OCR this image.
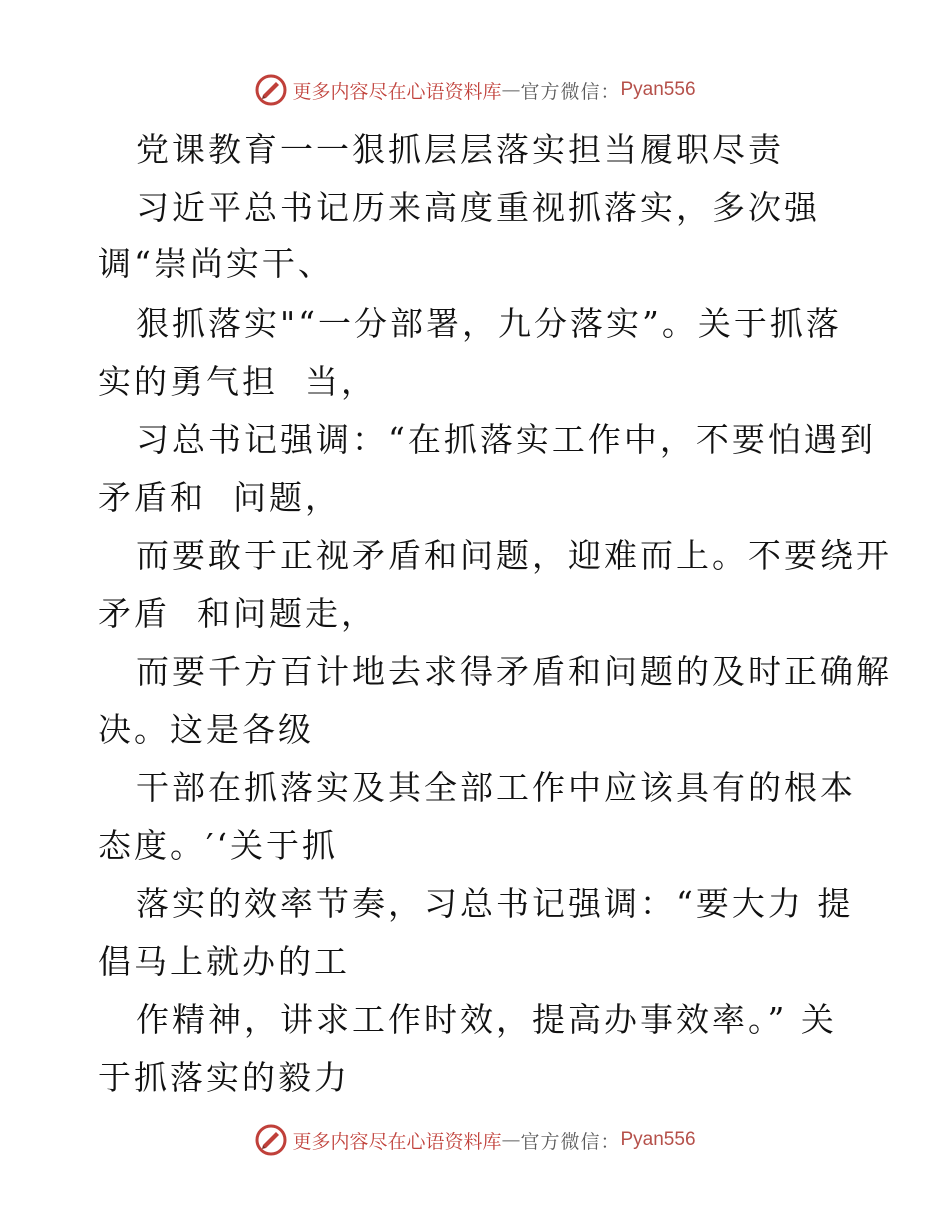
更多内容尽在心语资料库 — 官方微信： Pyan556
党课教育一一狠抓层层落实担当履职尽责
习近平总书记历来高度重视抓落实，多次强
调“崇尚实干、
狠抓落实"“一分部署，九分落实”。关于抓落
实的勇气担  当，
习总书记强调：“在抓落实工作中，不要怕遇到
矛盾和  问题，
而要敢于正视矛盾和问题，迎难而上。不要绕开
矛盾  和问题走，
而要千方百计地去求得矛盾和问题的及时正确解
决。这是各级
干部在抓落实及其全部工作中应该具有的根本
态度。′‘关于抓
落实的效率节奏，习总书记强调：“要大力 提
倡马上就办的工
作精神，讲求工作时效，提高办事效率。” 关
于抓落实的毅力
更多内容尽在心语资料库 — 官方微信： Pyan556
